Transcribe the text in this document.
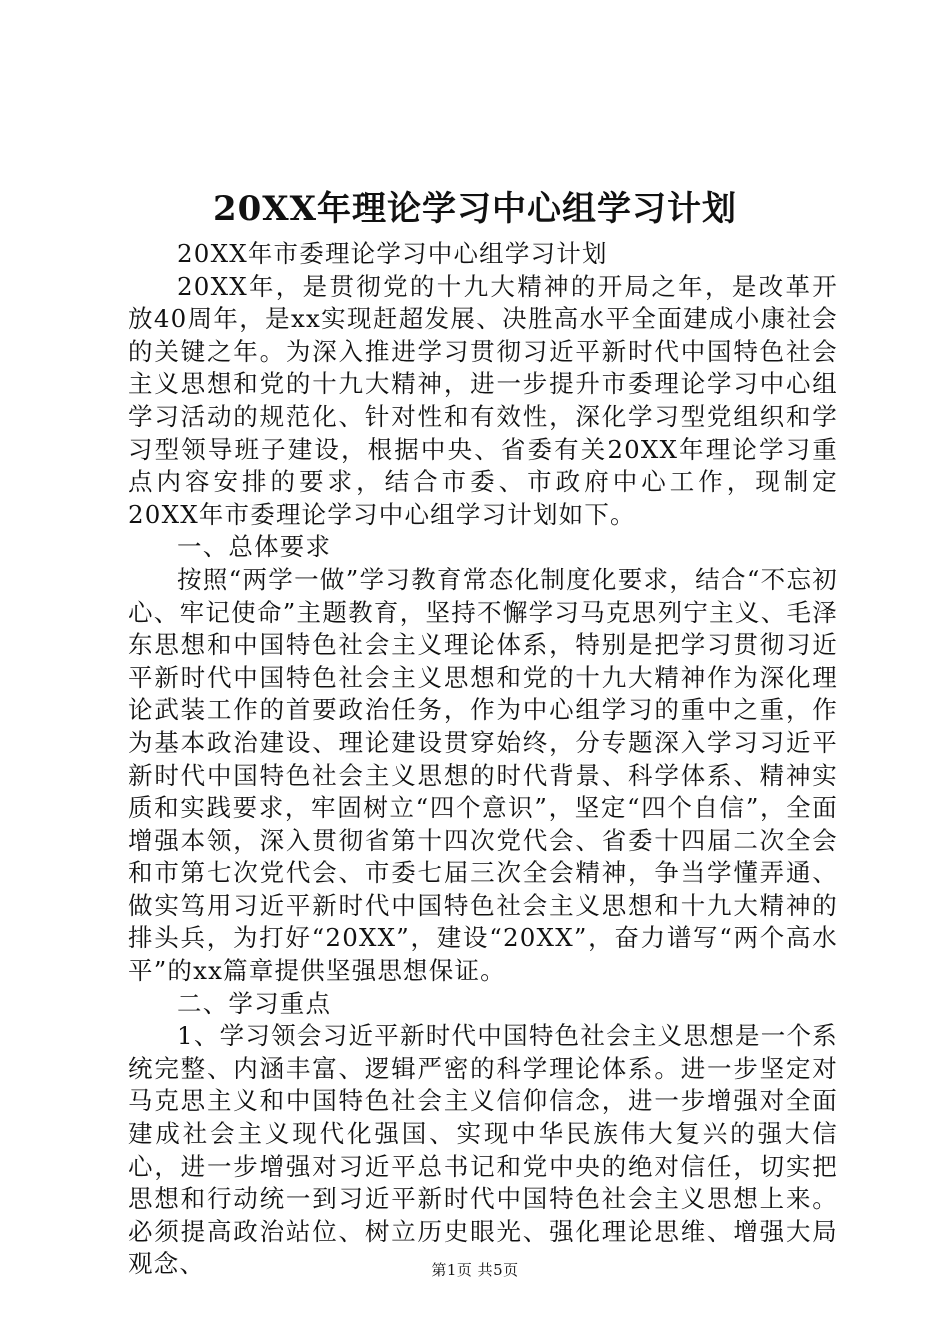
20XX年理论学习中心组学习计划

20XX年市委理论学习中心组学习计划

20XX年，是贯彻党的十九大精神的开局之年，是改革开放40周年，是xx实现赶超发展、决胜高水平全面建成小康社会的关键之年。为深入推进学习贯彻习近平新时代中国特色社会主义思想和党的十九大精神，进一步提升市委理论学习中心组学习活动的规范化、针对性和有效性，深化学习型党组织和学习型领导班子建设，根据中央、省委有关20XX年理论学习重点内容安排的要求，结合市委、市政府中心工作，现制定20XX年市委理论学习中心组学习计划如下。

一、总体要求

按照“两学一做”学习教育常态化制度化要求，结合“不忘初心、牢记使命”主题教育，坚持不懈学习马克思列宁主义、毛泽东思想和中国特色社会主义理论体系，特别是把学习贯彻习近平新时代中国特色社会主义思想和党的十九大精神作为深化理论武装工作的首要政治任务，作为中心组学习的重中之重，作为基本政治建设、理论建设贯穿始终，分专题深入学习习近平新时代中国特色社会主义思想的时代背景、科学体系、精神实质和实践要求，牢固树立“四个意识”，坚定“四个自信”，全面增强本领，深入贯彻省第十四次党代会、省委十四届二次全会和市第七次党代会、市委七届三次全会精神，争当学懂弄通、做实笃用习近平新时代中国特色社会主义思想和十九大精神的排头兵，为打好“20XX”，建设“20XX”，奋力谱写“两个高水平”的xx篇章提供坚强思想保证。

二、学习重点

1、学习领会习近平新时代中国特色社会主义思想是一个系统完整、内涵丰富、逻辑严密的科学理论体系。进一步坚定对马克思主义和中国特色社会主义信仰信念，进一步增强对全面建成社会主义现代化强国、实现中华民族伟大复兴的强大信心，进一步增强对习近平总书记和党中央的绝对信任，切实把思想和行动统一到习近平新时代中国特色社会主义思想上来。必须提高政治站位、树立历史眼光、强化理论思维、增强大局观念、	第1页 共5页
